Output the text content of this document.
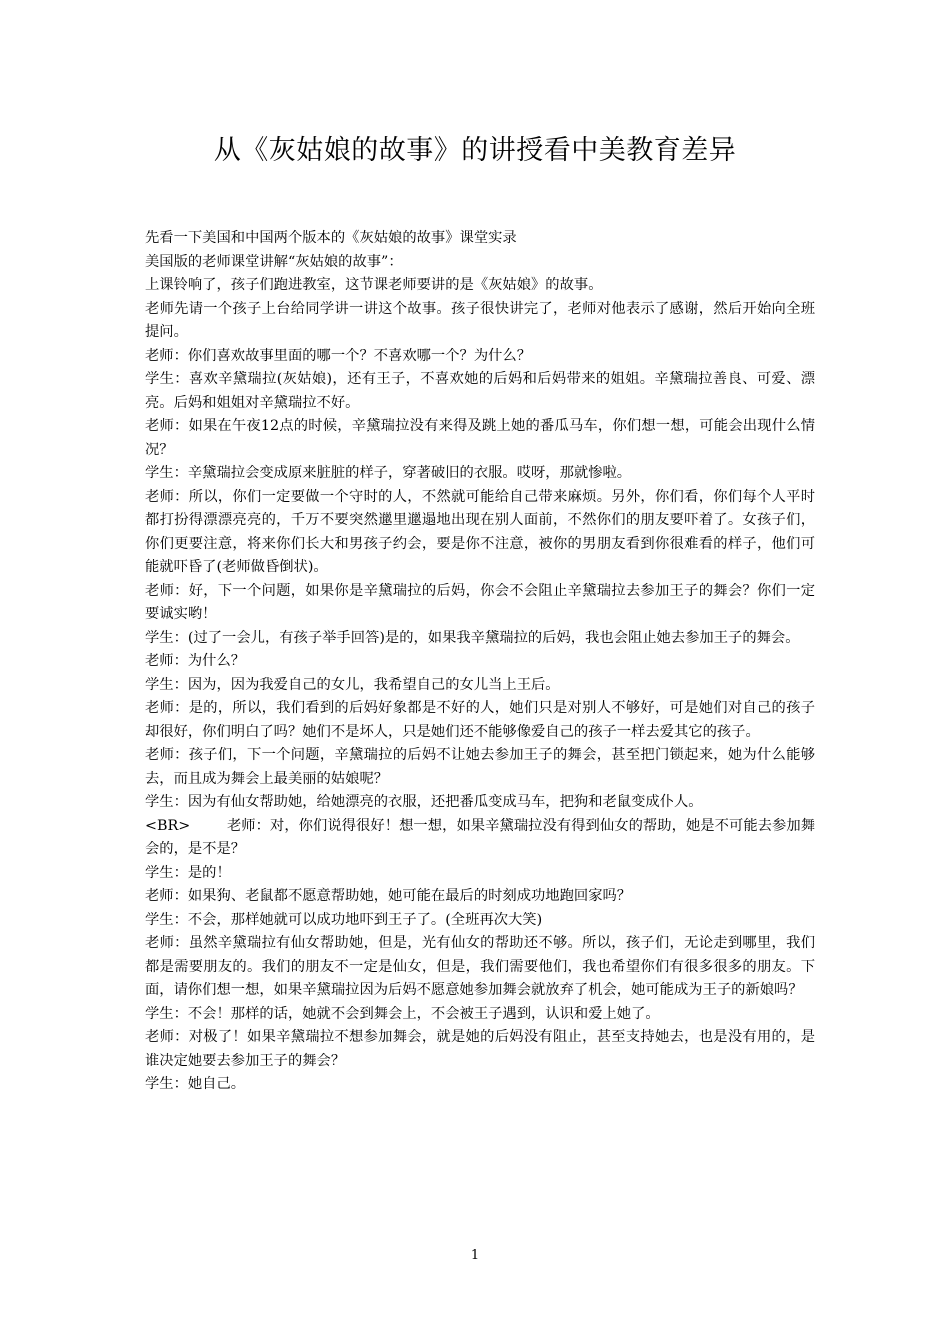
从《灰姑娘的故事》的讲授看中美教育差异

先看一下美国和中国两个版本的《灰姑娘的故事》课堂实录

美国版的老师课堂讲解“灰姑娘的故事”：

上课铃响了，孩子们跑进教室，这节课老师要讲的是《灰姑娘》的故事。

老师先请一个孩子上台给同学讲一讲这个故事。孩子很快讲完了，老师对他表示了感谢，然后开始向全班提问。

老师：你们喜欢故事里面的哪一个？不喜欢哪一个？为什么？

学生：喜欢辛黛瑞拉(灰姑娘)，还有王子，不喜欢她的后妈和后妈带来的姐姐。辛黛瑞拉善良、可爱、漂亮。后妈和姐姐对辛黛瑞拉不好。

老师：如果在午夜12点的时候，辛黛瑞拉没有来得及跳上她的番瓜马车，你们想一想，可能会出现什么情况？

学生：辛黛瑞拉会变成原来脏脏的样子，穿著破旧的衣服。哎呀，那就惨啦。

老师：所以，你们一定要做一个守时的人，不然就可能给自己带来麻烦。另外，你们看，你们每个人平时都打扮得漂漂亮亮的，千万不要突然邋里邋遢地出现在别人面前，不然你们的朋友要吓着了。女孩子们，你们更要注意，将来你们长大和男孩子约会，要是你不注意，被你的男朋友看到你很难看的样子，他们可能就吓昏了(老师做昏倒状)。

老师：好，下一个问题，如果你是辛黛瑞拉的后妈，你会不会阻止辛黛瑞拉去参加王子的舞会？你们一定要诚实哟！

学生：(过了一会儿，有孩子举手回答)是的，如果我辛黛瑞拉的后妈，我也会阻止她去参加王子的舞会。

老师：为什么？

学生：因为，因为我爱自己的女儿，我希望自己的女儿当上王后。

老师：是的，所以，我们看到的后妈好象都是不好的人，她们只是对别人不够好，可是她们对自己的孩子却很好，你们明白了吗？她们不是坏人，只是她们还不能够像爱自己的孩子一样去爱其它的孩子。

老师：孩子们，下一个问题，辛黛瑞拉的后妈不让她去参加王子的舞会，甚至把门锁起来，她为什么能够去，而且成为舞会上最美丽的姑娘呢？

学生：因为有仙女帮助她，给她漂亮的衣服，还把番瓜变成马车，把狗和老鼠变成仆人。

<BR>        老师：对，你们说得很好！想一想，如果辛黛瑞拉没有得到仙女的帮助，她是不可能去参加舞会的，是不是？

学生：是的！

老师：如果狗、老鼠都不愿意帮助她，她可能在最后的时刻成功地跑回家吗？

学生：不会，那样她就可以成功地吓到王子了。(全班再次大笑)

老师：虽然辛黛瑞拉有仙女帮助她，但是，光有仙女的帮助还不够。所以，孩子们，无论走到哪里，我们都是需要朋友的。我们的朋友不一定是仙女，但是，我们需要他们，我也希望你们有很多很多的朋友。下面，请你们想一想，如果辛黛瑞拉因为后妈不愿意她参加舞会就放弃了机会，她可能成为王子的新娘吗？

学生：不会！那样的话，她就不会到舞会上，不会被王子遇到，认识和爱上她了。

老师：对极了！如果辛黛瑞拉不想参加舞会，就是她的后妈没有阻止，甚至支持她去，也是没有用的，是谁决定她要去参加王子的舞会？

学生：她自己。

1
